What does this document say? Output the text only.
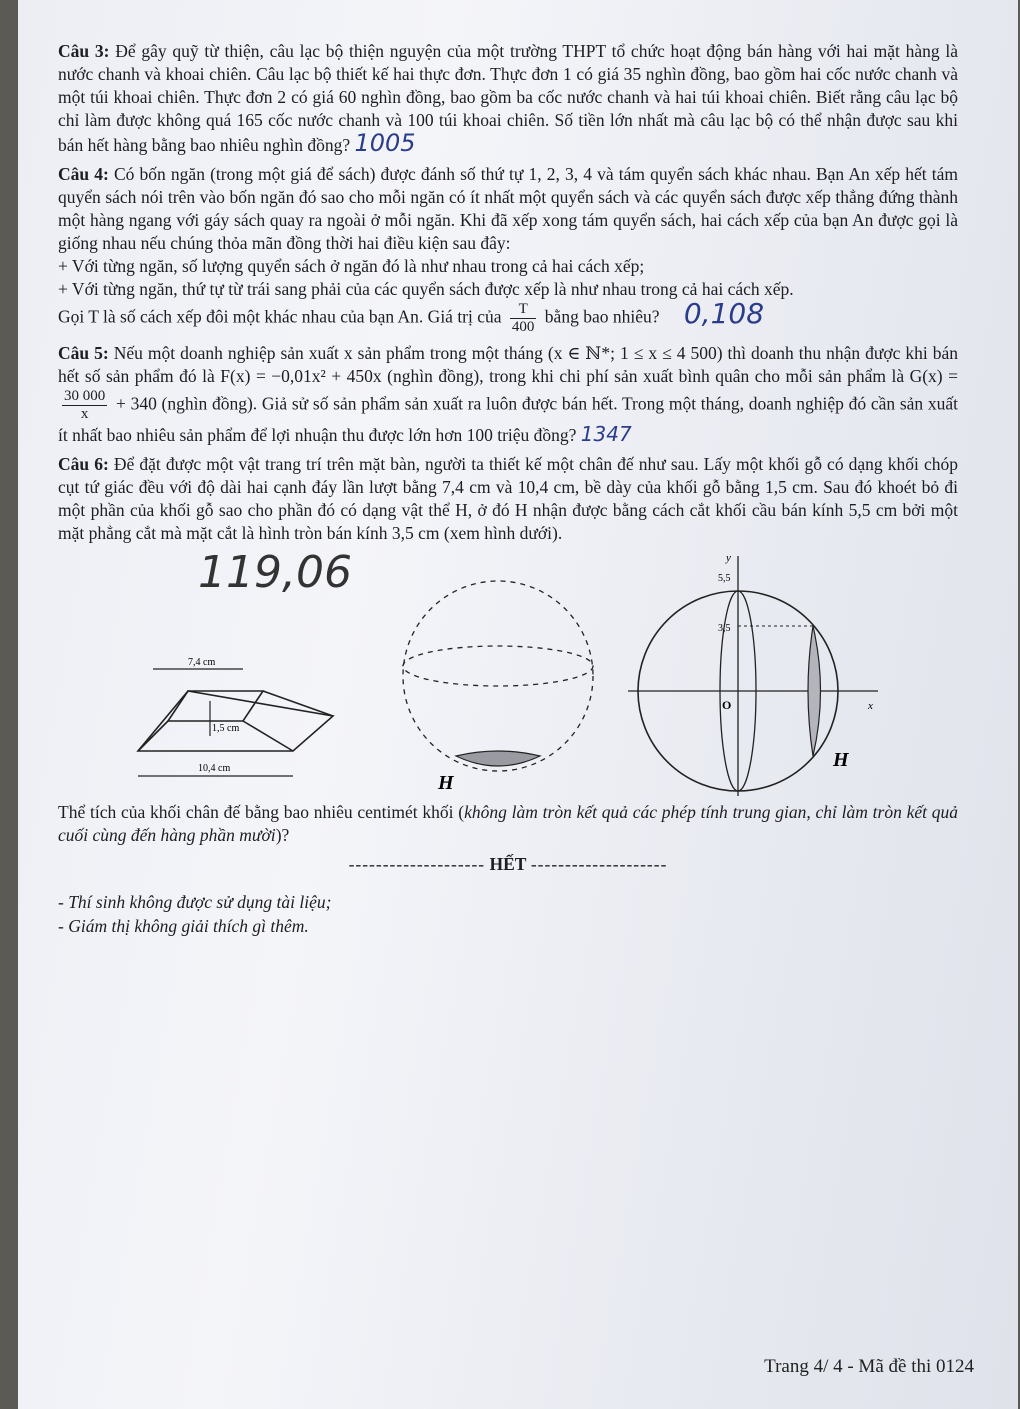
Câu 3: Để gây quỹ từ thiện, câu lạc bộ thiện nguyện của một trường THPT tổ chức hoạt động bán hàng với hai mặt hàng là nước chanh và khoai chiên. Câu lạc bộ thiết kế hai thực đơn. Thực đơn 1 có giá 35 nghìn đồng, bao gồm hai cốc nước chanh và một túi khoai chiên. Thực đơn 2 có giá 60 nghìn đồng, bao gồm ba cốc nước chanh và hai túi khoai chiên. Biết rằng câu lạc bộ chỉ làm được không quá 165 cốc nước chanh và 100 túi khoai chiên. Số tiền lớn nhất mà câu lạc bộ có thể nhận được sau khi bán hết hàng bằng bao nhiêu nghìn đồng? 1005

Câu 4: Có bốn ngăn (trong một giá để sách) được đánh số thứ tự 1, 2, 3, 4 và tám quyển sách khác nhau. Bạn An xếp hết tám quyển sách nói trên vào bốn ngăn đó sao cho mỗi ngăn có ít nhất một quyển sách và các quyển sách được xếp thẳng đứng thành một hàng ngang với gáy sách quay ra ngoài ở mỗi ngăn. Khi đã xếp xong tám quyển sách, hai cách xếp của bạn An được gọi là giống nhau nếu chúng thỏa mãn đồng thời hai điều kiện sau đây:
+ Với từng ngăn, số lượng quyển sách ở ngăn đó là như nhau trong cả hai cách xếp;
+ Với từng ngăn, thứ tự từ trái sang phải của các quyển sách được xếp là như nhau trong cả hai cách xếp.
Gọi T là số cách xếp đôi một khác nhau của bạn An. Giá trị của $\frac{T}{400}$ bằng bao nhiêu? 0,108

Câu 5: Nếu một doanh nghiệp sản xuất x sản phẩm trong một tháng (x ∈ ℕ*; 1 ≤ x ≤ 4 500) thì doanh thu nhận được khi bán hết số sản phẩm đó là F(x) = −0,01x² + 450x (nghìn đồng), trong khi chi phí sản xuất bình quân cho mỗi sản phẩm là G(x) =
$\frac{30 000}{x} + 340$ (nghìn đồng). Giả sử số sản phẩm sản xuất ra luôn được bán hết. Trong một tháng, doanh nghiệp đó cần sản xuất ít nhất bao nhiêu sản phẩm để lợi nhuận thu được lớn hơn 100 triệu đồng? 1347

Câu 6: Để đặt được một vật trang trí trên mặt bàn, người ta thiết kế một chân đế như sau. Lấy một khối gỗ có dạng khối chóp cụt tứ giác đều với độ dài hai cạnh đáy lần lượt bằng 7,4 cm và 10,4 cm, bề dày của khối gỗ bằng 1,5 cm. Sau đó khoét bỏ đi một phần của khối gỗ sao cho phần đó có dạng vật thể H, ở đó H nhận được bằng cách cắt khối cầu bán kính 5,5 cm bởi một mặt phẳng cắt mà mặt cắt là hình tròn bán kính 3,5 cm (xem hình dưới).

119,06
7,4 cm
1,5 cm
10,4 cm
H
y
x
5,5
3,5
O
H

Thể tích của khối chân đế bằng bao nhiêu centimét khối (không làm tròn kết quả các phép tính trung gian, chỉ làm tròn kết quả cuối cùng đến hàng phần mười)?

-------------------- HẾT --------------------
- Thí sinh không được sử dụng tài liệu;
- Giám thị không giải thích gì thêm.
Trang 4/ 4 - Mã đề thi 0124
